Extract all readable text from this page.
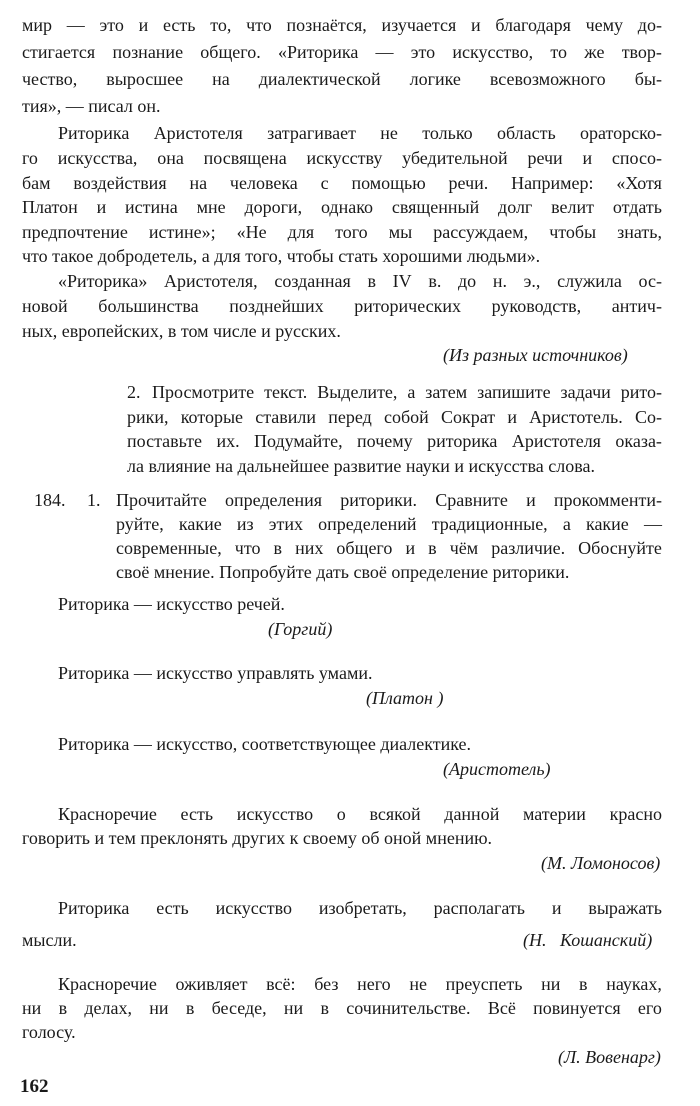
мир — это и есть то, что познаётся, изучается и благодаря чему до-
стигается познание общего. «Риторика — это искусство, то же твор-
чество, выросшее на диалектической логике всевозможного бы-
тия», — писал он.
Риторика Аристотеля затрагивает не только область ораторско-
го искусства, она посвящена искусству убедительной речи и спосо-
бам воздействия на человека с помощью речи. Например: «Хотя
Платон и истина мне дороги, однако священный долг велит отдать
предпочтение истине»; «Не для того мы рассуждаем, чтобы знать,
что такое добродетель, а для того, чтобы стать хорошими людьми».
«Риторика» Аристотеля, созданная в IV в. до н. э., служила ос-
новой большинства позднейших риторических руководств, антич-
ных, европейских, в том числе и русских.
(Из разных источников)
2. Просмотрите текст. Выделите, а затем запишите задачи рито-
рики, которые ставили перед собой Сократ и Аристотель. Со-
поставьте их. Подумайте, почему риторика Аристотеля оказа-
ла влияние на дальнейшее развитие науки и искусства слова.
184. 1. Прочитайте определения риторики. Сравните и прокомменти-
руйте, какие из этих определений традиционные, а какие —
современные, что в них общего и в чём различие. Обоснуйте
своё мнение. Попробуйте дать своё определение риторики.
Риторика — искусство речей.
(Горгий)
Риторика — искусство управлять умами.
(Платон )
Риторика — искусство, соответствующее диалектике.
(Аристотель)
Красноречие есть искусство о всякой данной материи красно
говорить и тем преклонять других к своему об оной мнению.
(М. Ломоносов)
Риторика есть искусство изобретать, располагать и выражать
мысли.	(Н.   Кошанский)
Красноречие оживляет всё: без него не преуспеть ни в науках,
ни в делах, ни в беседе, ни в сочинительстве. Всё повинуется его
голосу.
(Л. Вовенарг)
162
